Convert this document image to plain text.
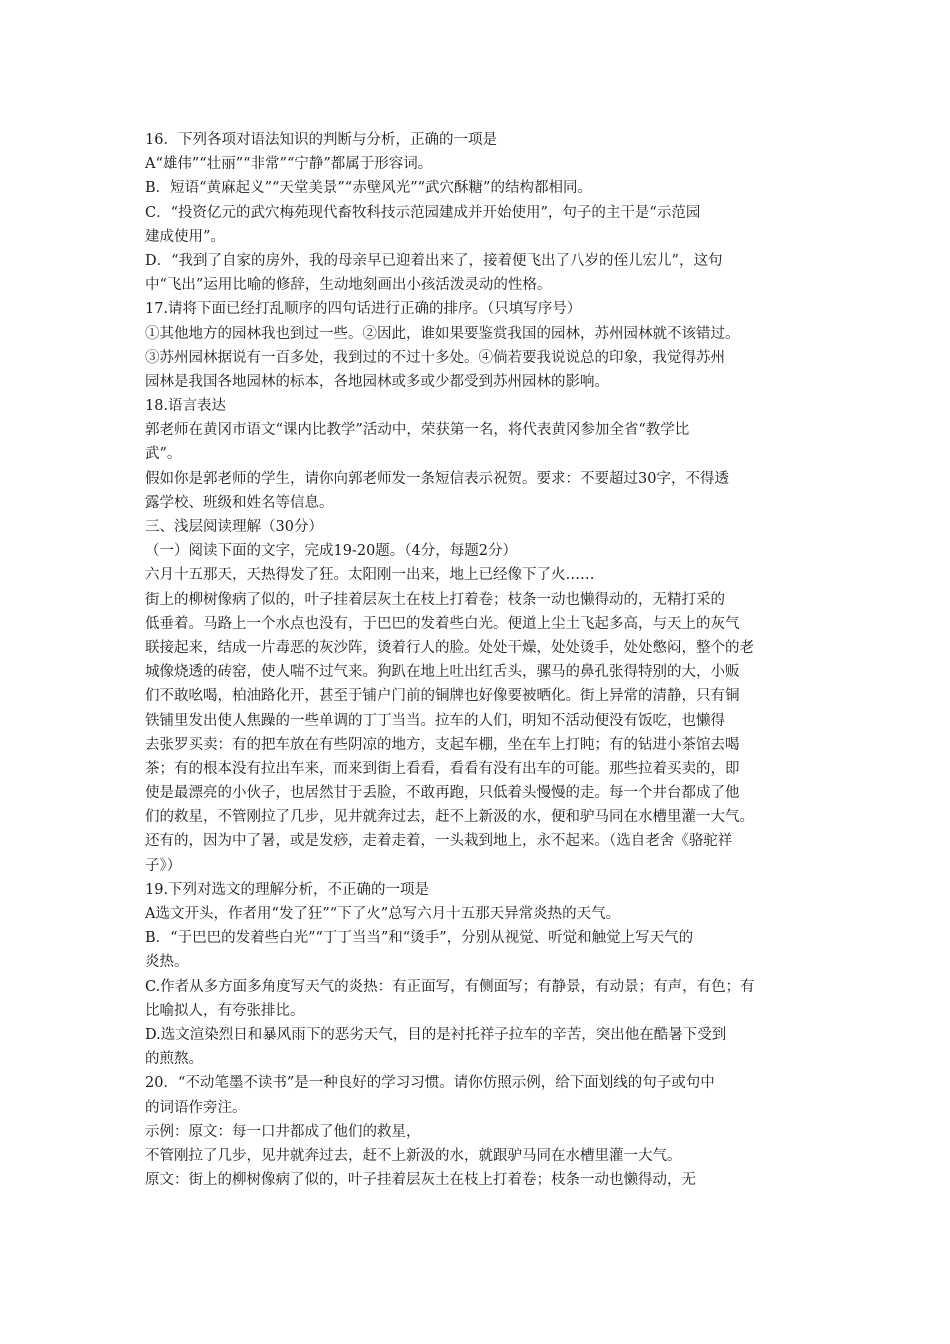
16．下列各项对语法知识的判断与分析，正确的一项是
A“雄伟”“壮丽”“非常”“宁静”都属于形容词。
B．短语“黄麻起义”“天堂美景”“赤壁风光”“武穴酥糖”的结构都相同。
C．“投资亿元的武穴梅苑现代畜牧科技示范园建成并开始使用”，句子的主干是“示范园
建成使用”。
D．“我到了自家的房外，我的母亲早已迎着出来了，接着便飞出了八岁的侄儿宏儿”，这句
中“飞出”运用比喻的修辞，生动地刻画出小孩活泼灵动的性格。
17.请将下面已经打乱顺序的四句话进行正确的排序。（只填写序号）
①其他地方的园林我也到过一些。②因此，谁如果要鉴赏我国的园林，苏州园林就不该错过。
③苏州园林据说有一百多处，我到过的不过十多处。④倘若要我说说总的印象，我觉得苏州
园林是我国各地园林的标本，各地园林或多或少都受到苏州园林的影响。
18.语言表达
郭老师在黄冈市语文“课内比教学”活动中，荣获第一名，将代表黄冈参加全省“教学比
武”。
假如你是郭老师的学生，请你向郭老师发一条短信表示祝贺。要求：不要超过30字，不得透
露学校、班级和姓名等信息。
三、浅层阅读理解（30分）
（一）阅读下面的文字，完成19-20题。（4分，每题2分）
六月十五那天，天热得发了狂。太阳刚一出来，地上已经像下了火……
街上的柳树像病了似的，叶子挂着层灰土在枝上打着卷；枝条一动也懒得动的，无精打采的
低垂着。马路上一个水点也没有，于巴巴的发着些白光。便道上尘土飞起多高，与天上的灰气
联接起来，结成一片毒恶的灰沙阵，烫着行人的脸。处处干燥，处处烫手，处处憋闷，整个的老
城像烧透的砖窑，使人喘不过气来。狗趴在地上吐出红舌头，骡马的鼻孔张得特别的大，小贩
们不敢吆喝，柏油路化开，甚至于铺户门前的铜牌也好像要被晒化。街上异常的清静，只有铜
铁铺里发出使人焦躁的一些单调的丁丁当当。拉车的人们，明知不活动便没有饭吃，也懒得
去张罗买卖：有的把车放在有些阴凉的地方，支起车棚，坐在车上打盹；有的钻进小茶馆去喝
茶；有的根本没有拉出车来，而来到街上看看，看看有没有出车的可能。那些拉着买卖的，即
使是最漂亮的小伙子，也居然甘于丢脸，不敢再跑，只低着头慢慢的走。每一个井台都成了他
们的救星，不管刚拉了几步，见井就奔过去，赶不上新汲的水，便和驴马同在水槽里灌一大气。
还有的，因为中了暑，或是发痧，走着走着，一头栽到地上，永不起来。（选自老舍《骆驼祥
子》）
19.下列对选文的理解分析，不正确的一项是
A选文开头，作者用“发了狂”“下了火”总写六月十五那天异常炎热的天气。
B．“于巴巴的发着些白光”“丁丁当当”和“烫手”，分别从视觉、听觉和触觉上写天气的
炎热。
C.作者从多方面多角度写天气的炎热：有正面写，有侧面写；有静景，有动景；有声，有色；有
比喻拟人，有夸张排比。
D.选文渲染烈日和暴风雨下的恶劣天气，目的是衬托祥子拉车的辛苦，突出他在酷暑下受到
的煎熬。
20．“不动笔墨不读书”是一种良好的学习习惯。请你仿照示例，给下面划线的句子或句中
的词语作旁注。
示例：原文：每一口井都成了他们的救星，
不管刚拉了几步，见井就奔过去，赶不上新汲的水，就跟驴马同在水槽里灌一大气。
原文：街上的柳树像病了似的，叶子挂着层灰土在枝上打着卷；枝条一动也懒得动，无
